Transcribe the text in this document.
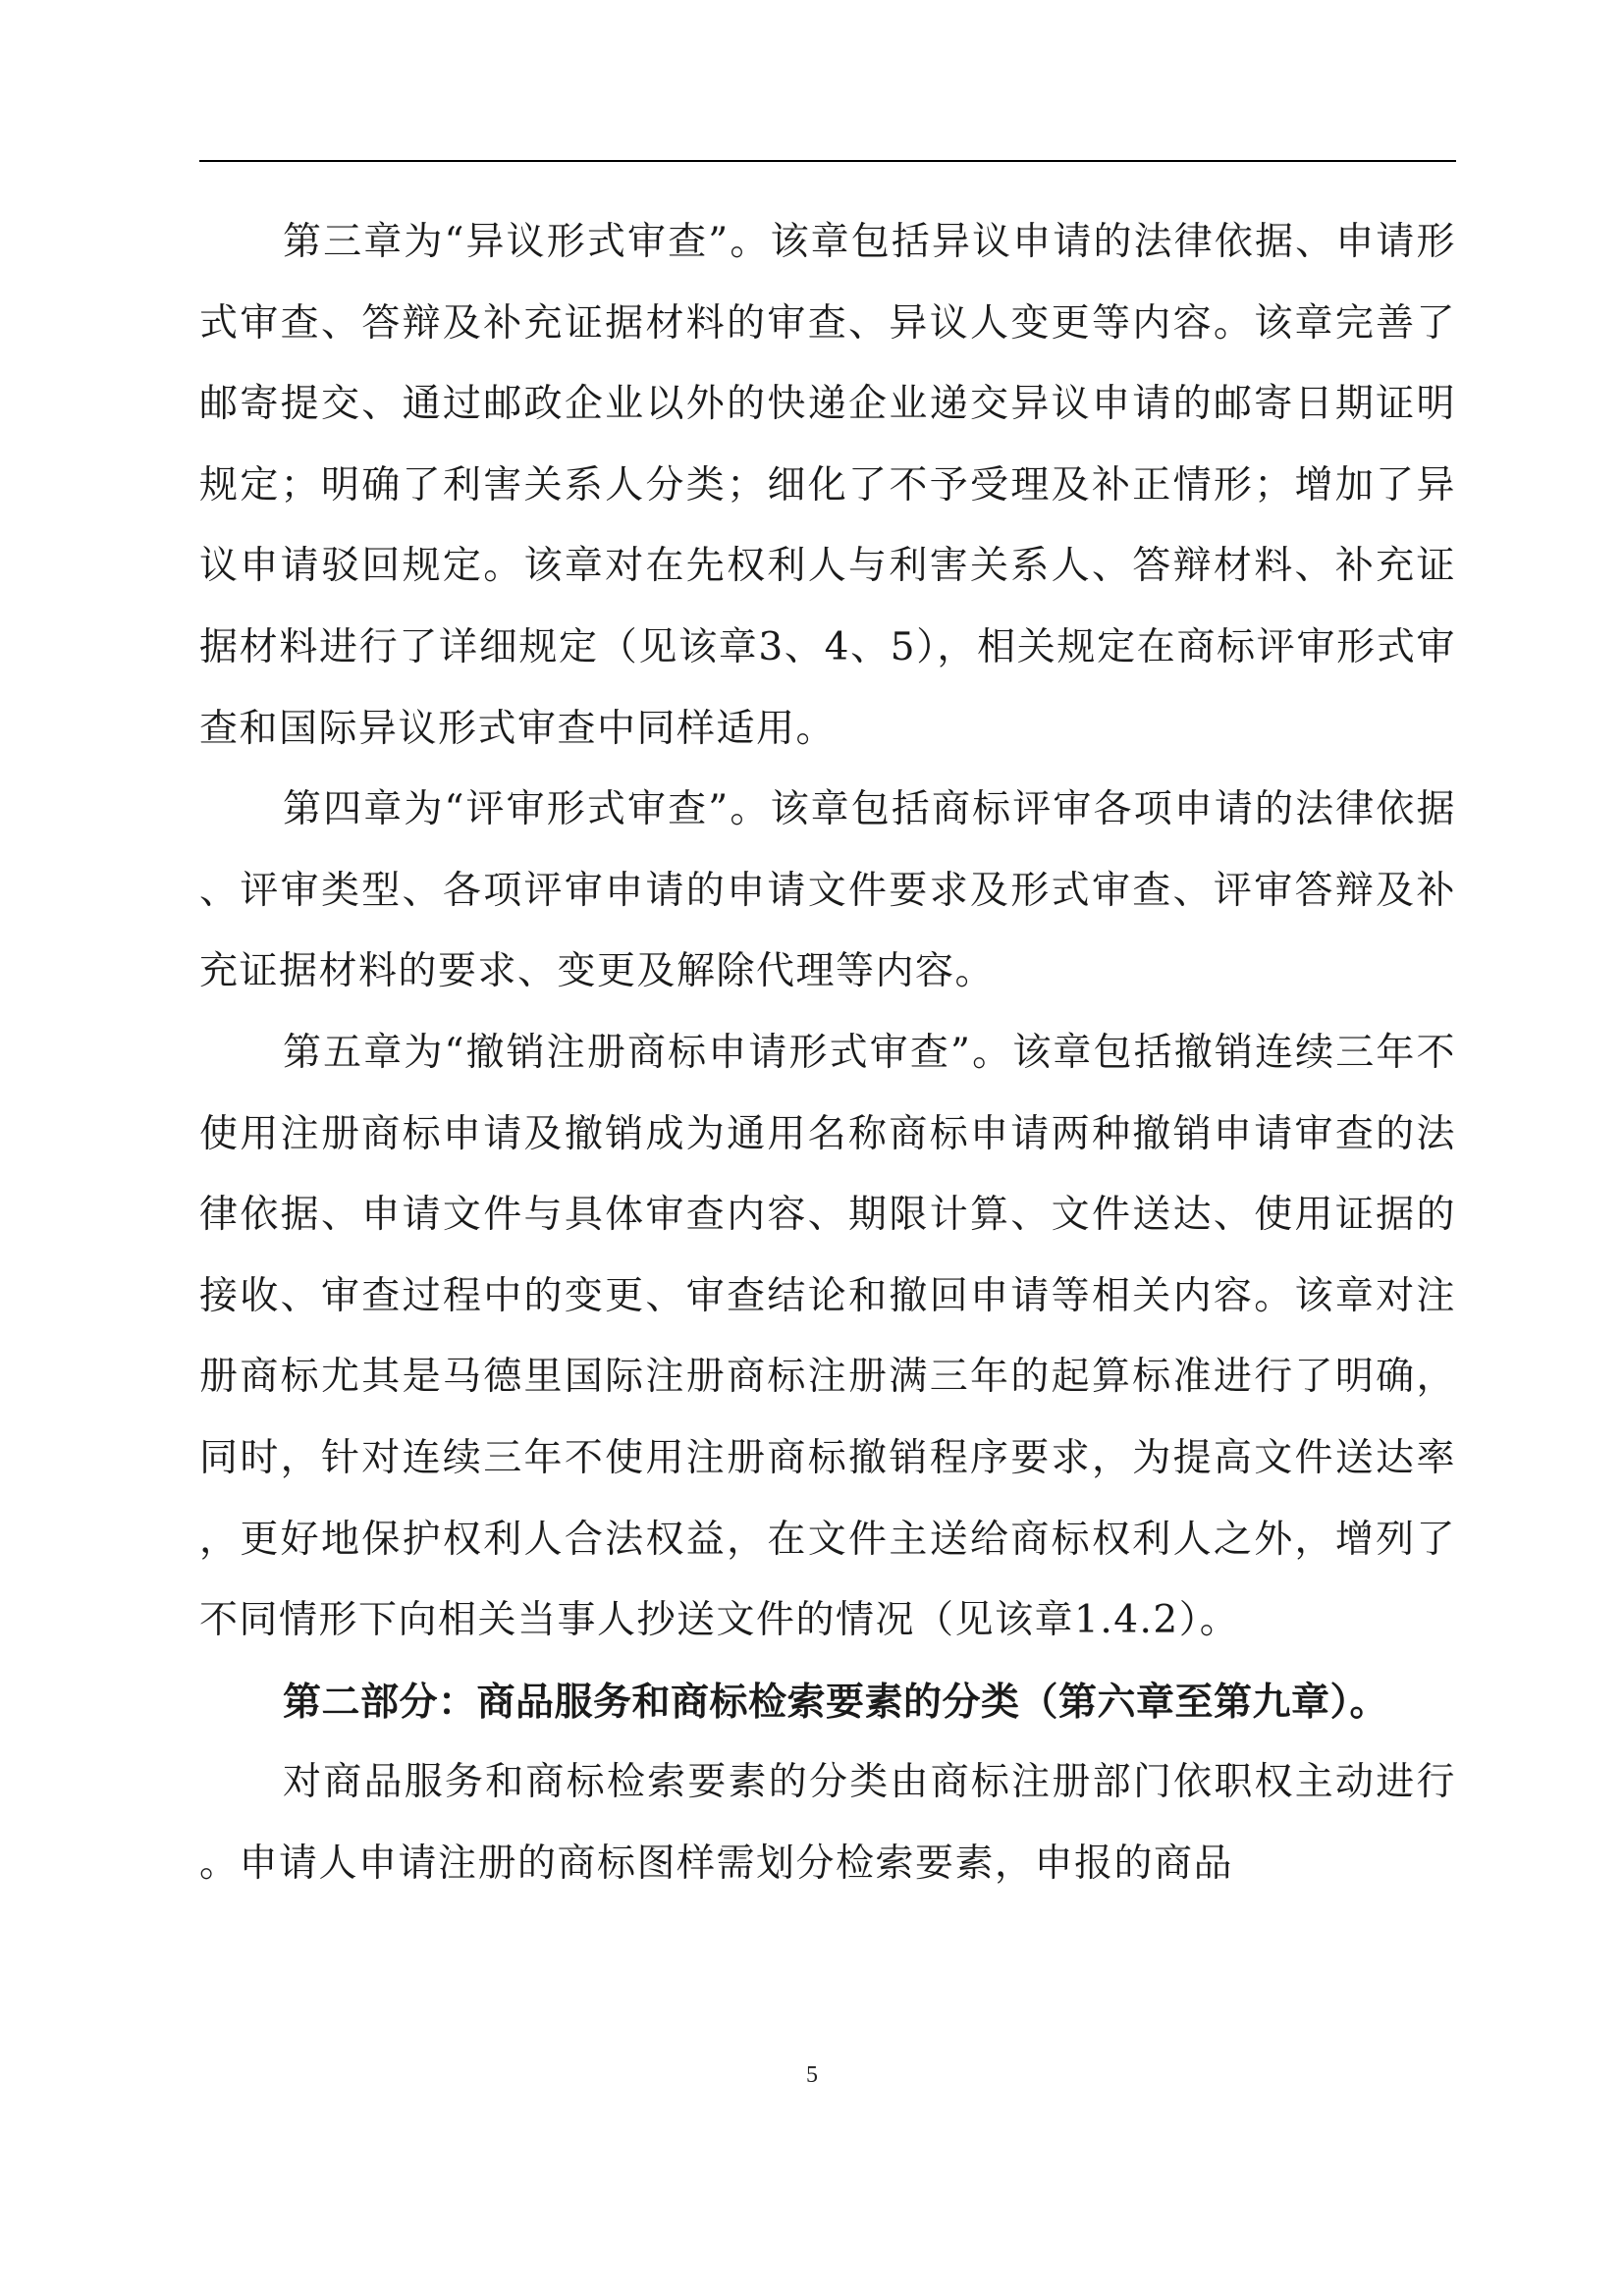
第三章为“异议形式审查”。该章包括异议申请的法律依据、申请形式审查、答辩及补充证据材料的审查、异议人变更等内容。该章完善了邮寄提交、通过邮政企业以外的快递企业递交异议申请的邮寄日期证明规定；明确了利害关系人分类；细化了不予受理及补正情形；增加了异议申请驳回规定。该章对在先权利人与利害关系人、答辩材料、补充证据材料进行了详细规定（见该章3、4、5），相关规定在商标评审形式审查和国际异议形式审查中同样适用。

第四章为“评审形式审查”。该章包括商标评审各项申请的法律依据、评审类型、各项评审申请的申请文件要求及形式审查、评审答辩及补充证据材料的要求、变更及解除代理等内容。

第五章为“撤销注册商标申请形式审查”。该章包括撤销连续三年不使用注册商标申请及撤销成为通用名称商标申请两种撤销申请审查的法律依据、申请文件与具体审查内容、期限计算、文件送达、使用证据的接收、审查过程中的变更、审查结论和撤回申请等相关内容。该章对注册商标尤其是马德里国际注册商标注册满三年的起算标准进行了明确，同时，针对连续三年不使用注册商标撤销程序要求，为提高文件送达率，更好地保护权利人合法权益，在文件主送给商标权利人之外，增列了不同情形下向相关当事人抄送文件的情况（见该章1.4.2）。

第二部分：商品服务和商标检索要素的分类（第六章至第九章）。

对商品服务和商标检索要素的分类由商标注册部门依职权主动进行。申请人申请注册的商标图样需划分检索要素，申报的商品

5
